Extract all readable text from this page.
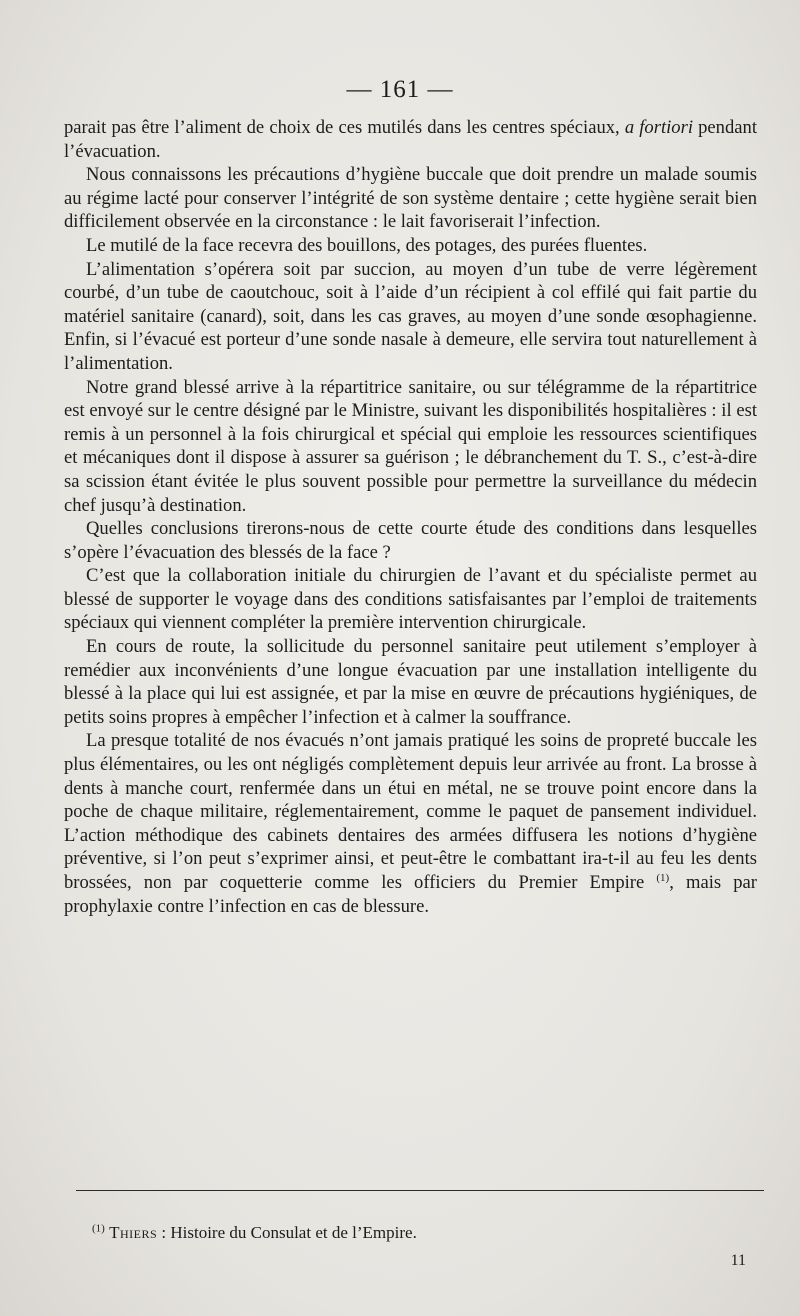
— 161 —

parait pas être l’aliment de choix de ces mutilés dans les centres spéciaux, a fortiori pendant l’évacuation.

Nous connaissons les précautions d’hygiène buccale que doit prendre un malade soumis au régime lacté pour conserver l’intégrité de son système dentaire ; cette hygiène serait bien difficilement observée en la circonstance : le lait favoriserait l’infection.

Le mutilé de la face recevra des bouillons, des potages, des purées fluentes.

L’alimentation s’opérera soit par succion, au moyen d’un tube de verre légèrement courbé, d’un tube de caoutchouc, soit à l’aide d’un récipient à col effilé qui fait partie du matériel sanitaire (canard), soit, dans les cas graves, au moyen d’une sonde œsophagienne. Enfin, si l’évacué est porteur d’une sonde nasale à demeure, elle servira tout naturellement à l’alimentation.

Notre grand blessé arrive à la répartitrice sanitaire, ou sur télégramme de la répartitrice est envoyé sur le centre désigné par le Ministre, suivant les disponibilités hospitalières : il est remis à un personnel à la fois chirurgical et spécial qui emploie les ressources scientifiques et mécaniques dont il dispose à assurer sa guérison ; le débranchement du T. S., c’est-à-dire sa scission étant évitée le plus souvent possible pour permettre la surveillance du médecin chef jusqu’à destination.

Quelles conclusions tirerons-nous de cette courte étude des conditions dans lesquelles s’opère l’évacuation des blessés de la face ?

C’est que la collaboration initiale du chirurgien de l’avant et du spécialiste permet au blessé de supporter le voyage dans des conditions satisfaisantes par l’emploi de traitements spéciaux qui viennent compléter la première intervention chirurgicale.

En cours de route, la sollicitude du personnel sanitaire peut utilement s’employer à remédier aux inconvénients d’une longue évacuation par une installation intelligente du blessé à la place qui lui est assignée, et par la mise en œuvre de précautions hygiéniques, de petits soins propres à empêcher l’infection et à calmer la souffrance.

La presque totalité de nos évacués n’ont jamais pratiqué les soins de propreté buccale les plus élémentaires, ou les ont négligés complètement depuis leur arrivée au front. La brosse à dents à manche court, renfermée dans un étui en métal, ne se trouve point encore dans la poche de chaque militaire, réglementairement, comme le paquet de pansement individuel. L’action méthodique des cabinets dentaires des armées diffusera les notions d’hygiène préventive, si l’on peut s’exprimer ainsi, et peut-être le combattant ira-t-il au feu les dents brossées, non par coquetterie comme les officiers du Premier Empire $^{(1)}$, mais par prophylaxie contre l’infection en cas de blessure.

$^{(1)}$ Thiers : Histoire du Consulat et de l’Empire.
11
